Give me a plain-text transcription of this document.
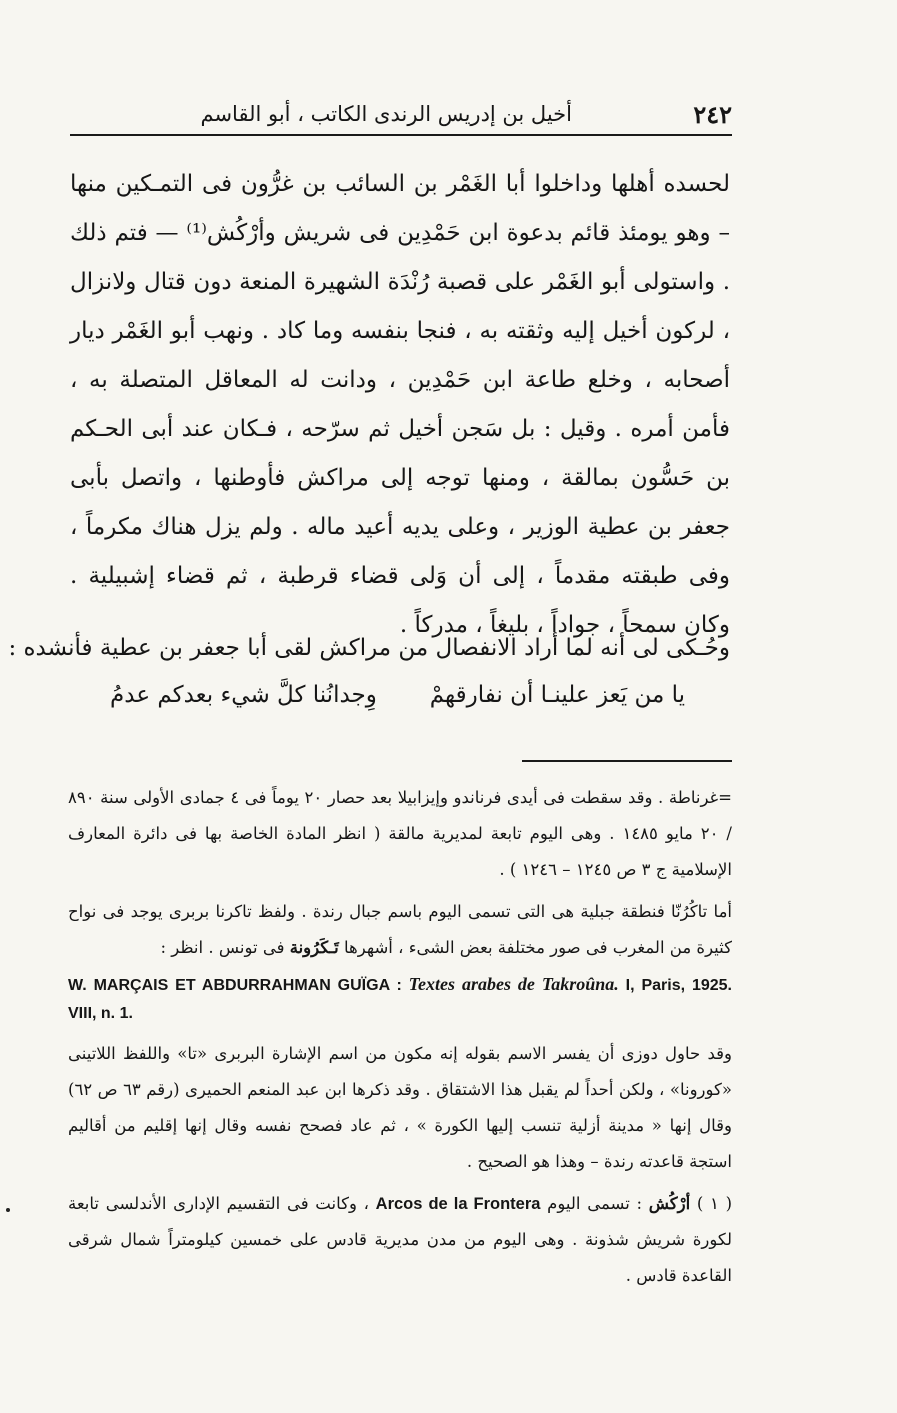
٢٤٢
أخيل بن إدريس الرندى الكاتب ، أبو القاسم

لحسده أهلها وداخلوا أبا الغَمْر بن السائب بن غرُّون فى التمـكين منها – وهو يومئذ قائم بدعوة ابن حَمْدِين فى شريش وأرْكُش⁽¹⁾ — فتم ذلك . واستولى أبو الغَمْر على قصبة رُنْدَة الشهيرة المنعة دون قتال ولانزال ، لركون أخيل إليه وثقته به ، فنجا بنفسه وما كاد . ونهب أبو الغَمْر ديار أصحابه ، وخلع طاعة ابن حَمْدِين ، ودانت له المعاقل المتصلة به ، فأمن أمره . وقيل : بل سَجن أخيل ثم سرّحه ، فـكان عند أبى الحـكم بن حَسُّون بمالقة ، ومنها توجه إلى مراكش فأوطنها ، واتصل بأبى جعفر بن عطية الوزير ، وعلى يديه أعيد ماله . ولم يزل هناك مكرماً ، وفى طبقته مقدماً ، إلى أن وَلى قضاء قرطبة ، ثم قضاء إشبيلية . وكان سمحاً ، جواداً ، بليغاً ، مدركاً .

وحُـكى لى أنه لما أراد الانفصال من مراكش لقى أبا جعفر بن عطية فأنشده :
يا من يَعز علينـا أن نفارقهمْ
وِجدانُنا كلَّ شيء بعدكم عدمُ

=غرناطة . وقد سقطت فى أيدى فرناندو وإيزابيلا بعد حصار ٢٠ يوماً فى ٤ جمادى الأولى سنة ٨٩٠ / ٢٠ مايو ١٤٨٥ . وهى اليوم تابعة لمديرية مالقة ( انظر المادة الخاصة بها فى دائرة المعارف الإسلامية ج ٣ ص ١٢٤٥ – ١٢٤٦ ) .

أما تاكُرُنّا فنطقة جبلية هى التى تسمى اليوم باسم جبال رندة . ولفظ تاكرنا بربرى يوجد فى نواح كثيرة من المغرب فى صور مختلفة بعض الشىء ، أشهرها تَـكَرُونة فى تونس . انظر :

W. MARÇAIS ET ABDURRAHMAN GUÏGA : Textes arabes de Takroûna. I, Paris, 1925. VIII, n. 1.

وقد حاول دوزى أن يفسر الاسم بقوله إنه مكون من اسم الإشارة البربرى «تا» واللفظ اللاتينى «كورونا» ، ولكن أحداً لم يقبل هذا الاشتقاق . وقد ذكرها ابن عبد المنعم الحميرى (رقم ٦٣ ص ٦٢) وقال إنها « مدينة أزلية تنسب إليها الكورة » ، ثم عاد فصحح نفسه وقال إنها إقليم من أقاليم استجة قاعدته رندة – وهذا هو الصحيح .

( ١ ) أرْكُش : تسمى اليوم Arcos de la Frontera ، وكانت فى التقسيم الإدارى الأندلسى تابعة لكورة شريش شذونة . وهى اليوم من مدن مديرية قادس على خمسين كيلومتراً شمال شرقى القاعدة قادس .
